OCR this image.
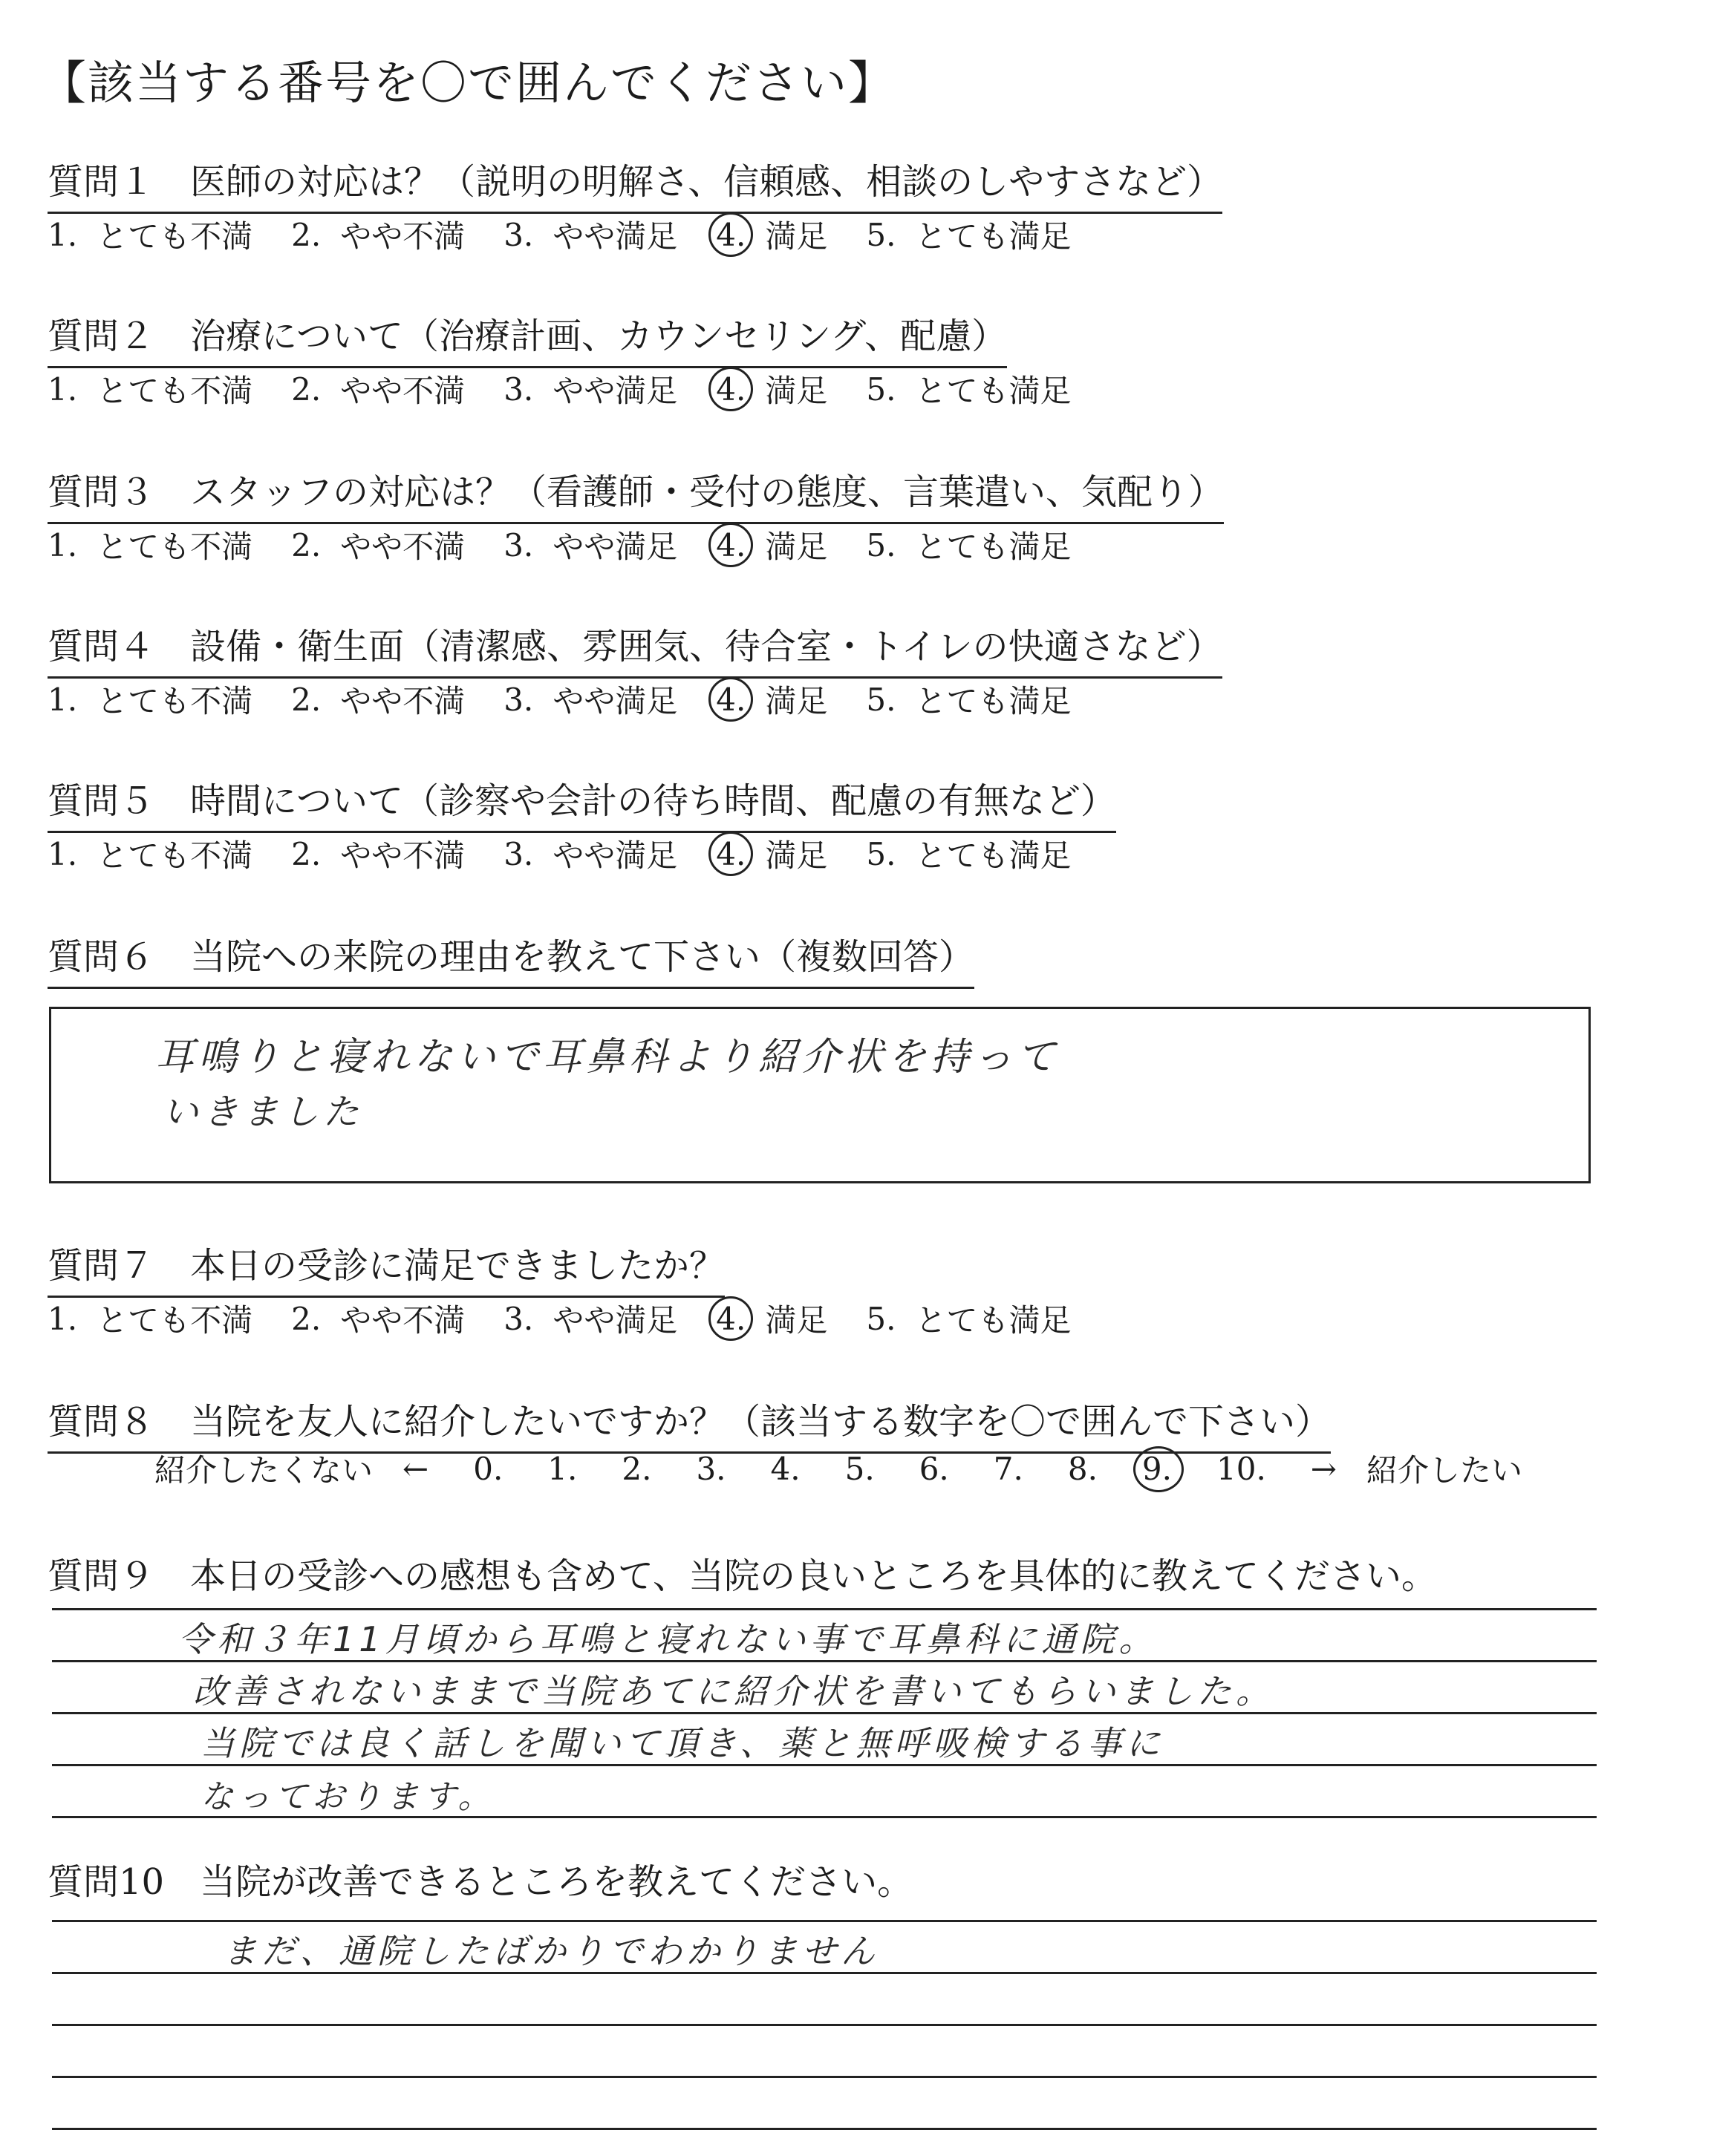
【該当する番号を〇で囲んでください】
質問１ 医師の対応は？（説明の明解さ、信頼感、相談のしやすさなど）
1. とても不満 2. やや不満 3. やや満足 4. 満足 5. とても満足
質問２ 治療について（治療計画、カウンセリング、配慮）
1. とても不満 2. やや不満 3. やや満足 4. 満足 5. とても満足
質問３ スタッフの対応は？（看護師・受付の態度、言葉遣い、気配り）
1. とても不満 2. やや不満 3. やや満足 4. 満足 5. とても満足
質問４ 設備・衛生面（清潔感、雰囲気、待合室・トイレの快適さなど）
1. とても不満 2. やや不満 3. やや満足 4. 満足 5. とても満足
質問５ 時間について（診察や会計の待ち時間、配慮の有無など）
1. とても不満 2. やや不満 3. やや満足 4. 満足 5. とても満足
質問６ 当院への来院の理由を教えて下さい（複数回答）
耳鳴りと寝れないで耳鼻科より紹介状を持って
いきました
質問７ 本日の受診に満足できましたか？
1. とても不満 2. やや不満 3. やや満足 4. 満足 5. とても満足
質問８ 当院を友人に紹介したいですか？（該当する数字を〇で囲んで下さい）
紹介したくない ← 0. 1. 2. 3. 4. 5. 6. 7. 8. 9. 10. → 紹介したい
質問９ 本日の受診への感想も含めて、当院の良いところを具体的に教えてください。
令和３年11月頃から耳鳴と寝れない事で耳鼻科に通院。
改善されないままで当院あてに紹介状を書いてもらいました。
当院では良く話しを聞いて頂き、薬と無呼吸検する事に
なっております。
質問10 当院が改善できるところを教えてください。
まだ、通院したばかりでわかりません
